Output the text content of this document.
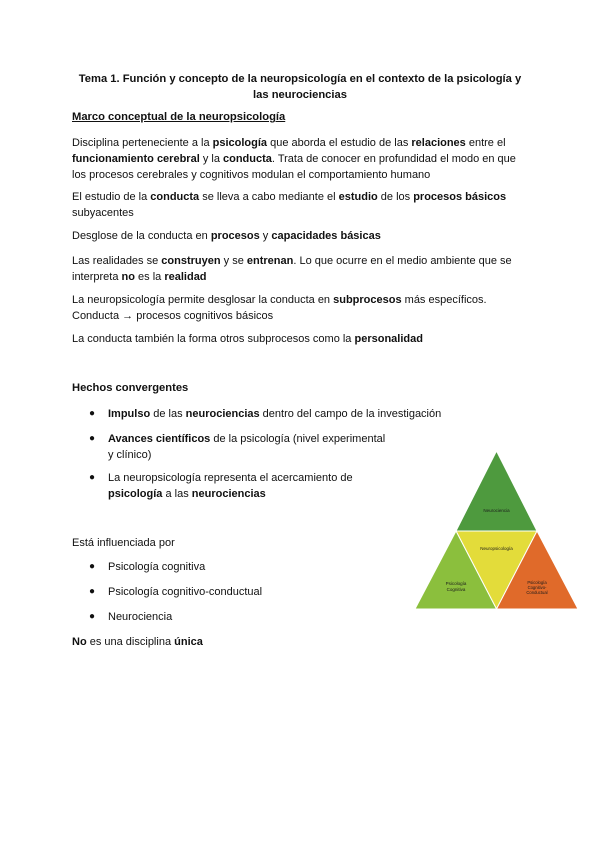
Tema 1. Función y concepto de la neuropsicología en el contexto de la psicología y
las neurociencias
Marco conceptual de la neuropsicología
Disciplina perteneciente a la psicología que aborda el estudio de las relaciones entre el
funcionamiento cerebral y la conducta. Trata de conocer en profundidad el modo en que
los procesos cerebrales y cognitivos modulan el comportamiento humano
El estudio de la conducta se lleva a cabo mediante el estudio de los procesos básicos
subyacentes
Desglose de la conducta en procesos y capacidades básicas
Las realidades se construyen y se entrenan. Lo que ocurre en el medio ambiente que se
interpreta no es la realidad
La neuropsicología permite desglosar la conducta en subprocesos más específicos.
Conducta → procesos cognitivos básicos
La conducta también la forma otros subprocesos como la personalidad
Hechos convergentes
● Impulso de las neurociencias dentro del campo de la investigación
● Avances científicos de la psicología (nivel experimental
y clínico)
● La neuropsicología representa el acercamiento de
psicología a las neurociencias
Está influenciada por
● Psicología cognitiva
● Psicología cognitivo-conductual
● Neurociencia
No es una disciplina única
Neurociencia
Neuropsicología
Psicología
Cognitiva
Psicología
Cognitivo-
Conductual
